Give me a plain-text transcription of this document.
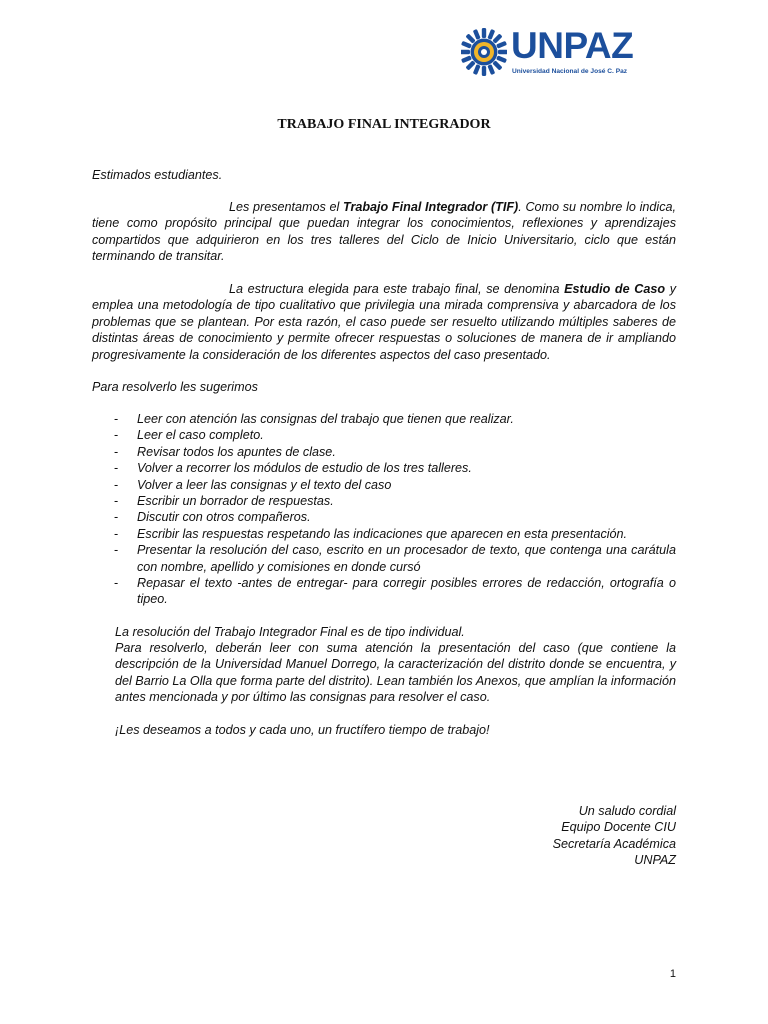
UNPAZ
Universidad Nacional de José C. Paz
TRABAJO FINAL INTEGRADOR

Estimados estudiantes.

Les presentamos el Trabajo Final Integrador (TIF). Como su nombre lo indica, tiene como propósito principal que puedan integrar los conocimientos, reflexiones y aprendizajes compartidos que adquirieron en los tres talleres del Ciclo de Inicio Universitario, ciclo que están terminando de transitar.

La estructura elegida para este trabajo final, se denomina Estudio de Caso y emplea una metodología de tipo cualitativo que privilegia una mirada comprensiva y abarcadora de los problemas que se plantean. Por esta razón, el caso puede ser resuelto utilizando múltiples saberes de distintas áreas de conocimiento y permite ofrecer respuestas o soluciones de manera de ir ampliando progresivamente la consideración de los diferentes aspectos del caso presentado.

Para resolverlo les sugerimos

- Leer con atención las consignas del trabajo que tienen que realizar.
- Leer el caso completo.
- Revisar todos los apuntes de clase.
- Volver a recorrer los módulos de estudio de los tres talleres.
- Volver a leer las consignas y el texto del caso
- Escribir un borrador de respuestas.
- Discutir con otros compañeros.
- Escribir las respuestas respetando las indicaciones que aparecen en esta presentación.
- Presentar la resolución del caso, escrito en un procesador de texto, que contenga una carátula con nombre, apellido y comisiones en donde cursó
- Repasar el texto -antes de entregar- para corregir posibles errores de redacción, ortografía o tipeo.

La resolución del Trabajo Integrador Final es de tipo individual.

Para resolverlo, deberán leer con suma atención la presentación del caso (que contiene la descripción de la Universidad Manuel Dorrego, la caracterización del distrito donde se encuentra, y del Barrio La Olla que forma parte del distrito). Lean también los Anexos, que amplían la información antes mencionada y por último las consignas para resolver el caso.

¡Les deseamos a todos y cada uno, un fructífero tiempo de trabajo!

Un saludo cordial
Equipo Docente CIU
Secretaría Académica
UNPAZ
1
